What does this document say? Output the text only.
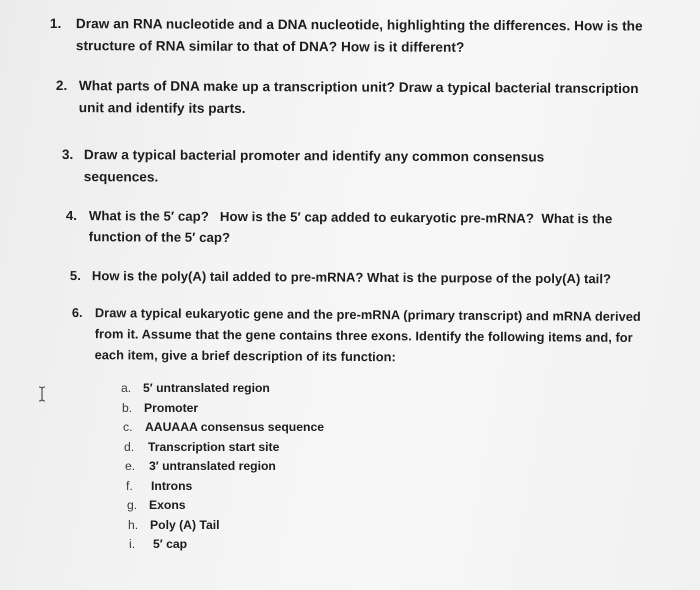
1.	Draw an RNA nucleotide and a DNA nucleotide, highlighting the differences. How is the structure of RNA similar to that of DNA? How is it different?
2. What parts of DNA make up a transcription unit? Draw a typical bacterial transcription unit and identify its parts.
3. Draw a typical bacterial promoter and identify any common consensus sequences.
4. What is the 5′ cap?   How is the 5′ cap added to eukaryotic pre-mRNA?  What is the function of the 5′ cap?
5. How is the poly(A) tail added to pre-mRNA? What is the purpose of the poly(A) tail?
6. Draw a typical eukaryotic gene and the pre-mRNA (primary transcript) and mRNA derived from it. Assume that the gene contains three exons. Identify the following items and, for each item, give a brief description of its function:
a. 5′ untranslated region
b. Promoter
c. AAUAAA consensus sequence
d. Transcription start site
e. 3′ untranslated region
f. Introns
g. Exons
h. Poly (A) Tail
i. 5′ cap
